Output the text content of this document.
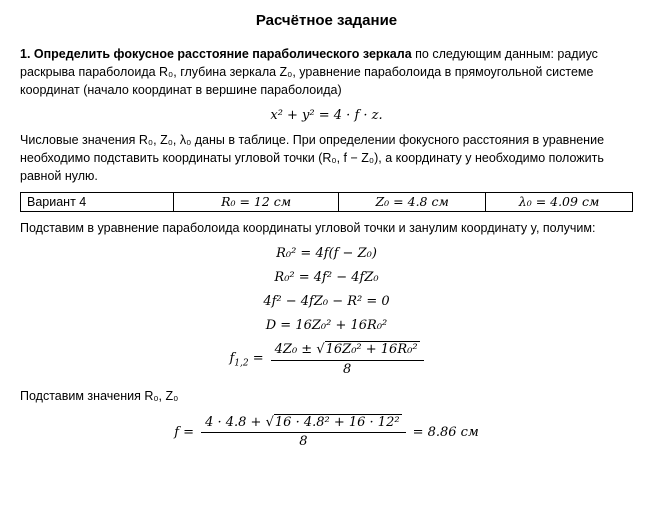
Расчётное задание

1. Определить фокусное расстояние параболического зеркала по следующим данным: радиус раскрыва параболоида R₀, глубина зеркала Z₀, уравнение параболоида в прямоугольной системе координат (начало координат в вершине параболоида)

x² + y² = 4 · f · z.

Числовые значения R₀, Z₀, λ₀ даны в таблице. При определении фокусного расстояния в уравнение необходимо подставить координаты угловой точки (R₀, f − Z₀), а координату y необходимо положить равной нулю.

Вариант 4	R₀ = 12 см	Z₀ = 4.8 см	λ₀ = 4.09 см

Подставим в уравнение параболоида координаты угловой точки и занулим координату y, получим:

R₀² = 4f(f − Z₀)
R₀² = 4f² − 4fZ₀
4f² − 4fZ₀ − R² = 0
D = 16Z₀² + 16R₀²
$f_{1,2} = \frac{\text{4Z₀ ± √16Z₀² + 16R₀²}}{8}$

Подставим значения R₀, Z₀

$f = \frac{\text{4 · 4.8 + √16 · 4.8² + 16 · 12²}}{8} = 8.86$ см
